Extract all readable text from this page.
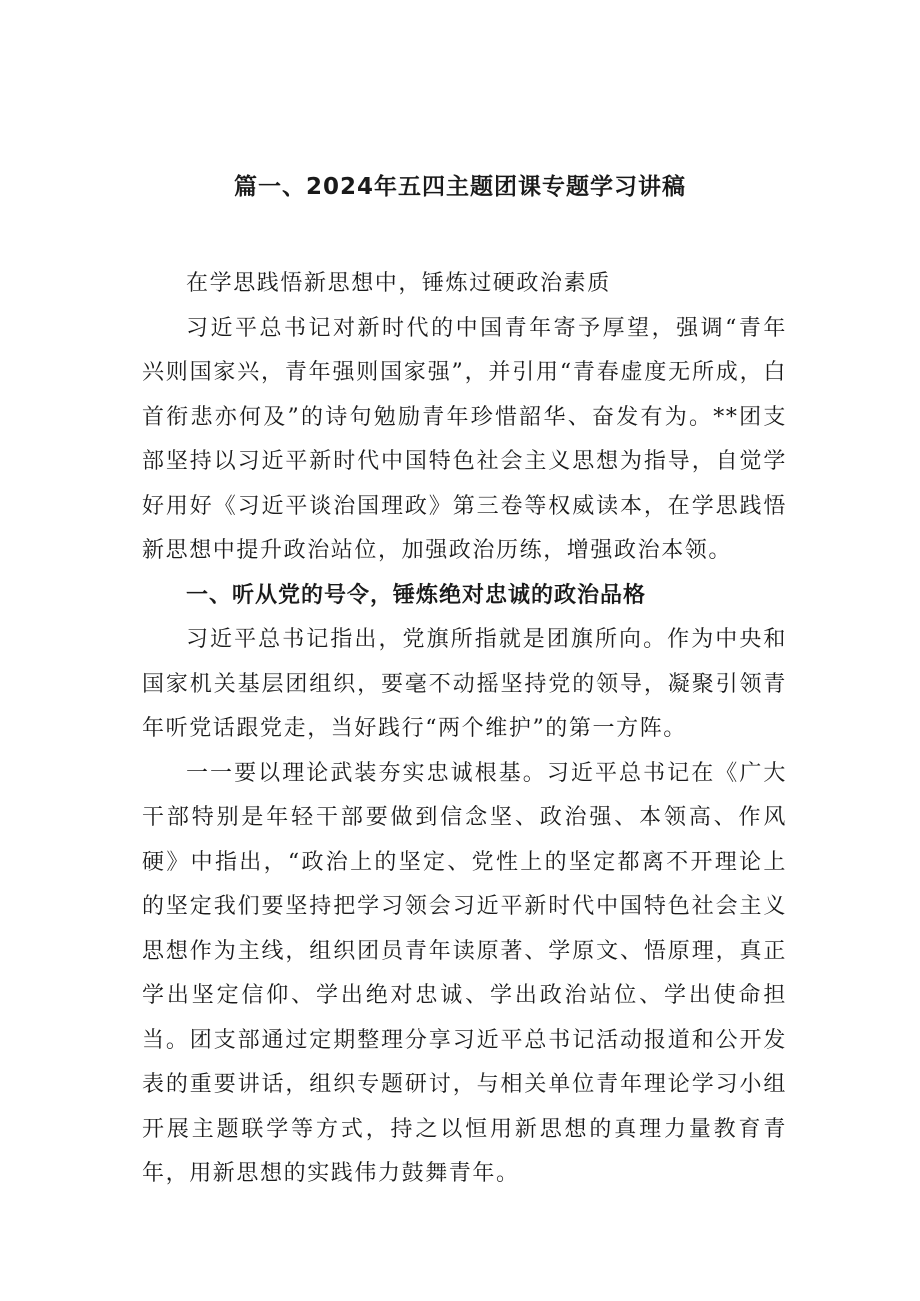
篇一、2024年五四主题团课专题学习讲稿

在学思践悟新思想中，锤炼过硬政治素质

习近平总书记对新时代的中国青年寄予厚望，强调“青年兴则国家兴，青年强则国家强”，并引用“青春虚度无所成，白首衔悲亦何及”的诗句勉励青年珍惜韶华、奋发有为。**团支部坚持以习近平新时代中国特色社会主义思想为指导，自觉学好用好《习近平谈治国理政》第三卷等权威读本，在学思践悟新思想中提升政治站位，加强政治历练，增强政治本领。

一、听从党的号令，锤炼绝对忠诚的政治品格

习近平总书记指出，党旗所指就是团旗所向。作为中央和国家机关基层团组织，要毫不动摇坚持党的领导，凝聚引领青年听党话跟党走，当好践行“两个维护”的第一方阵。

一一要以理论武装夯实忠诚根基。习近平总书记在《广大干部特别是年轻干部要做到信念坚、政治强、本领高、作风硬》中指出，“政治上的坚定、党性上的坚定都离不开理论上的坚定我们要坚持把学习领会习近平新时代中国特色社会主义思想作为主线，组织团员青年读原著、学原文、悟原理，真正学出坚定信仰、学出绝对忠诚、学出政治站位、学出使命担当。团支部通过定期整理分享习近平总书记活动报道和公开发表的重要讲话，组织专题研讨，与相关单位青年理论学习小组开展主题联学等方式，持之以恒用新思想的真理力量教育青年，用新思想的实践伟力鼓舞青年。
